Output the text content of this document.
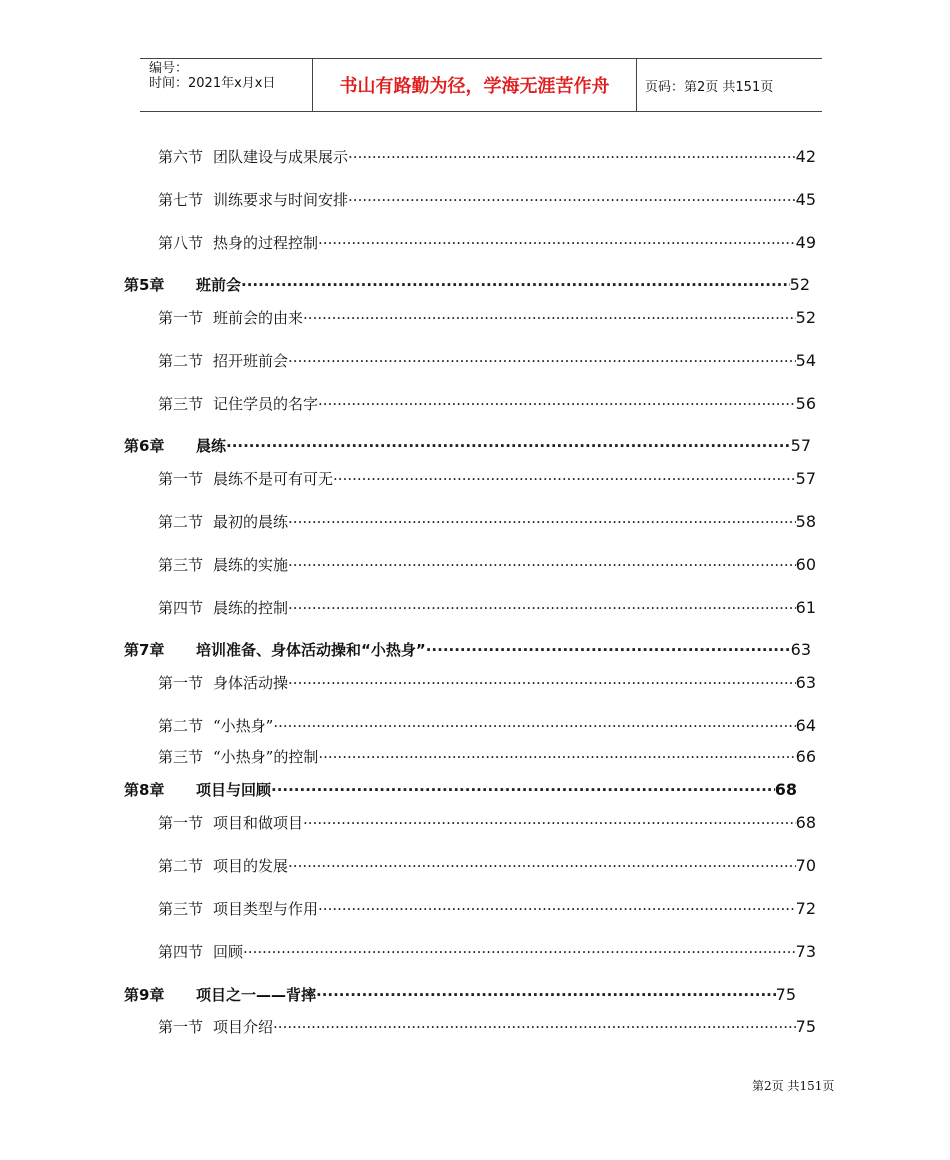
编号：
时间：2021年x月x日	书山有路勤为径，学海无涯苦作舟	页码：第2页 共151页
第六节 团队建设与成果展示 ·····	42
第七节 训练要求与时间安排 ·····	45
第八节 热身的过程控制 ·····	49
第5章 班前会 ·····	52
第一节 班前会的由来 ·····	52
第二节 招开班前会 ·····	54
第三节 记住学员的名字 ·····	56
第6章 晨练 ·····	57
第一节 晨练不是可有可无 ·····	57
第二节 最初的晨练 ·····	58
第三节 晨练的实施 ·····	60
第四节 晨练的控制 ·····	61
第7章 培训准备、身体活动操和“小热身” ·····	63
第一节 身体活动操 ·····	63
第二节 “小热身” ·····	64
第三节 “小热身”的控制 ·····	66
第8章 项目与回顾 ·····	68
第一节 项目和做项目 ·····	68
第二节 项目的发展 ·····	70
第三节 项目类型与作用 ·····	72
第四节 回顾 ·····	73
第9章 项目之一——背摔 ·····	75
第一节 项目介绍 ·····	75
第2页 共151页
